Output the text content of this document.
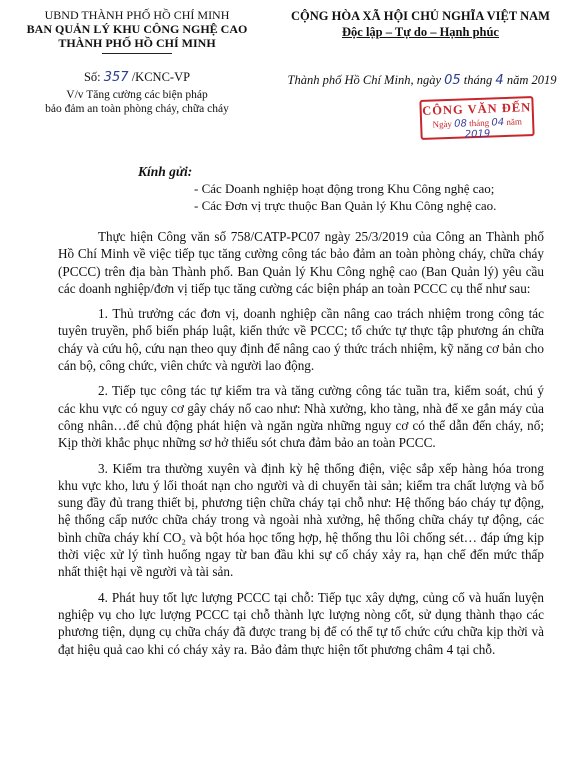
UBND THÀNH PHỐ HỒ CHÍ MINH
BAN QUẢN LÝ KHU CÔNG NGHỆ CAO
THÀNH PHỐ HỒ CHÍ MINH
CỘNG HÒA XÃ HỘI CHỦ NGHĨA VIỆT NAM
Độc lập – Tự do – Hạnh phúc
Số: 357 /KCNC-VP
V/v Tăng cường các biện pháp
bảo đảm an toàn phòng cháy, chữa cháy
Thành phố Hồ Chí Minh, ngày 05 tháng 4 năm 2019
CÔNG VĂN ĐẾN
Ngày 08 tháng 04 năm 2019
Kính gửi:
- Các Doanh nghiệp hoạt động trong Khu Công nghệ cao;
- Các Đơn vị trực thuộc Ban Quản lý Khu Công nghệ cao.

Thực hiện Công văn số 758/CATP-PC07 ngày 25/3/2019 của Công an Thành phố Hồ Chí Minh về việc tiếp tục tăng cường công tác bảo đảm an toàn phòng cháy, chữa cháy (PCCC) trên địa bàn Thành phố. Ban Quản lý Khu Công nghệ cao (Ban Quản lý) yêu cầu các doanh nghiệp/đơn vị tiếp tục tăng cường các biện pháp an toàn PCCC cụ thể như sau:

1. Thủ trưởng các đơn vị, doanh nghiệp cần nâng cao trách nhiệm trong công tác tuyên truyền, phổ biến pháp luật, kiến thức về PCCC; tổ chức tự thực tập phương án chữa cháy và cứu hộ, cứu nạn theo quy định để nâng cao ý thức trách nhiệm, kỹ năng cơ bản cho cán bộ, công chức, viên chức và người lao động.

2. Tiếp tục công tác tự kiểm tra và tăng cường công tác tuần tra, kiểm soát, chú ý các khu vực có nguy cơ gây cháy nổ cao như: Nhà xưởng, kho tàng, nhà để xe gắn máy của công nhân…để chủ động phát hiện và ngăn ngừa những nguy cơ có thể dẫn đến cháy, nổ; Kịp thời khắc phục những sơ hở thiếu sót chưa đảm bảo an toàn PCCC.

3. Kiểm tra thường xuyên và định kỳ hệ thống điện, việc sắp xếp hàng hóa trong khu vực kho, lưu ý lối thoát nạn cho người và di chuyển tài sản; kiểm tra chất lượng và bổ sung đầy đủ trang thiết bị, phương tiện chữa cháy tại chỗ như: Hệ thống báo cháy tự động, hệ thống cấp nước chữa cháy trong và ngoài nhà xưởng, hệ thống chữa cháy tự động, các bình chữa cháy khí CO₂ và bột hóa học tổng hợp, hệ thống thu lôi chống sét… đáp ứng kịp thời việc xử lý tình huống ngay từ ban đầu khi sự cố cháy xảy ra, hạn chế đến mức thấp nhất thiệt hại về người và tài sản.

4. Phát huy tốt lực lượng PCCC tại chỗ: Tiếp tục xây dựng, củng cố và huấn luyện nghiệp vụ cho lực lượng PCCC tại chỗ thành lực lượng nòng cốt, sử dụng thành thạo các phương tiện, dụng cụ chữa cháy đã được trang bị để có thể tự tổ chức cứu chữa kịp thời và đạt hiệu quả cao khi có cháy xảy ra. Bảo đảm thực hiện tốt phương châm 4 tại chỗ.
